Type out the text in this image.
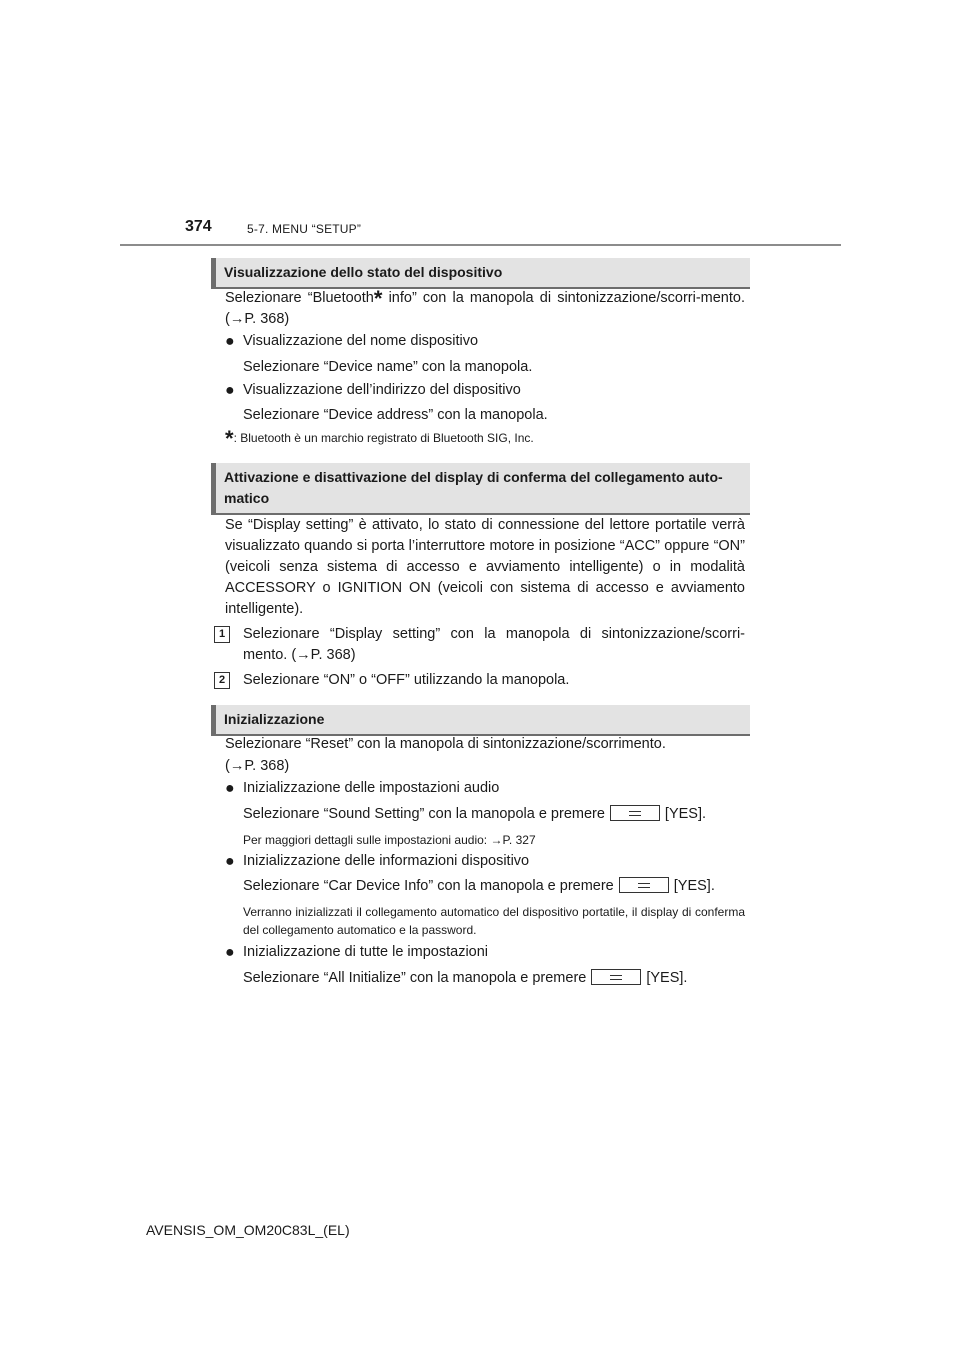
374	5-7. MENU “SETUP”
Visualizzazione dello stato del dispositivo
Selezionare “Bluetooth* info” con la manopola di sintonizzazione/scorri-mento. (→P. 368)
● Visualizzazione del nome dispositivo
Selezionare “Device name” con la manopola.
● Visualizzazione dell’indirizzo del dispositivo
Selezionare “Device address” con la manopola.
*: Bluetooth è un marchio registrato di Bluetooth SIG, Inc.
Attivazione e disattivazione del display di conferma del collegamento auto-matico
Se “Display setting” è attivato, lo stato di connessione del lettore portatile verrà visualizzato quando si porta l’interruttore motore in posizione “ACC” oppure “ON” (veicoli senza sistema di accesso e avviamento intelligente) o in modalità ACCESSORY o IGNITION ON (veicoli con sistema di accesso e avviamento intelligente).
1	Selezionare “Display setting” con la manopola di sintonizzazione/scorri-mento. (→P. 368)
2	Selezionare “ON” o “OFF” utilizzando la manopola.
Inizializzazione
Selezionare “Reset” con la manopola di sintonizzazione/scorrimento.
(→P. 368)
● Inizializzazione delle impostazioni audio
Selezionare “Sound Setting” con la manopola e premere	[YES].
Per maggiori dettagli sulle impostazioni audio: →P. 327
● Inizializzazione delle informazioni dispositivo
Selezionare “Car Device Info” con la manopola e premere	[YES].
Verranno inizializzati il collegamento automatico del dispositivo portatile, il display di conferma del collegamento automatico e la password.
● Inizializzazione di tutte le impostazioni
Selezionare “All Initialize” con la manopola e premere	[YES].
AVENSIS_OM_OM20C83L_(EL)
